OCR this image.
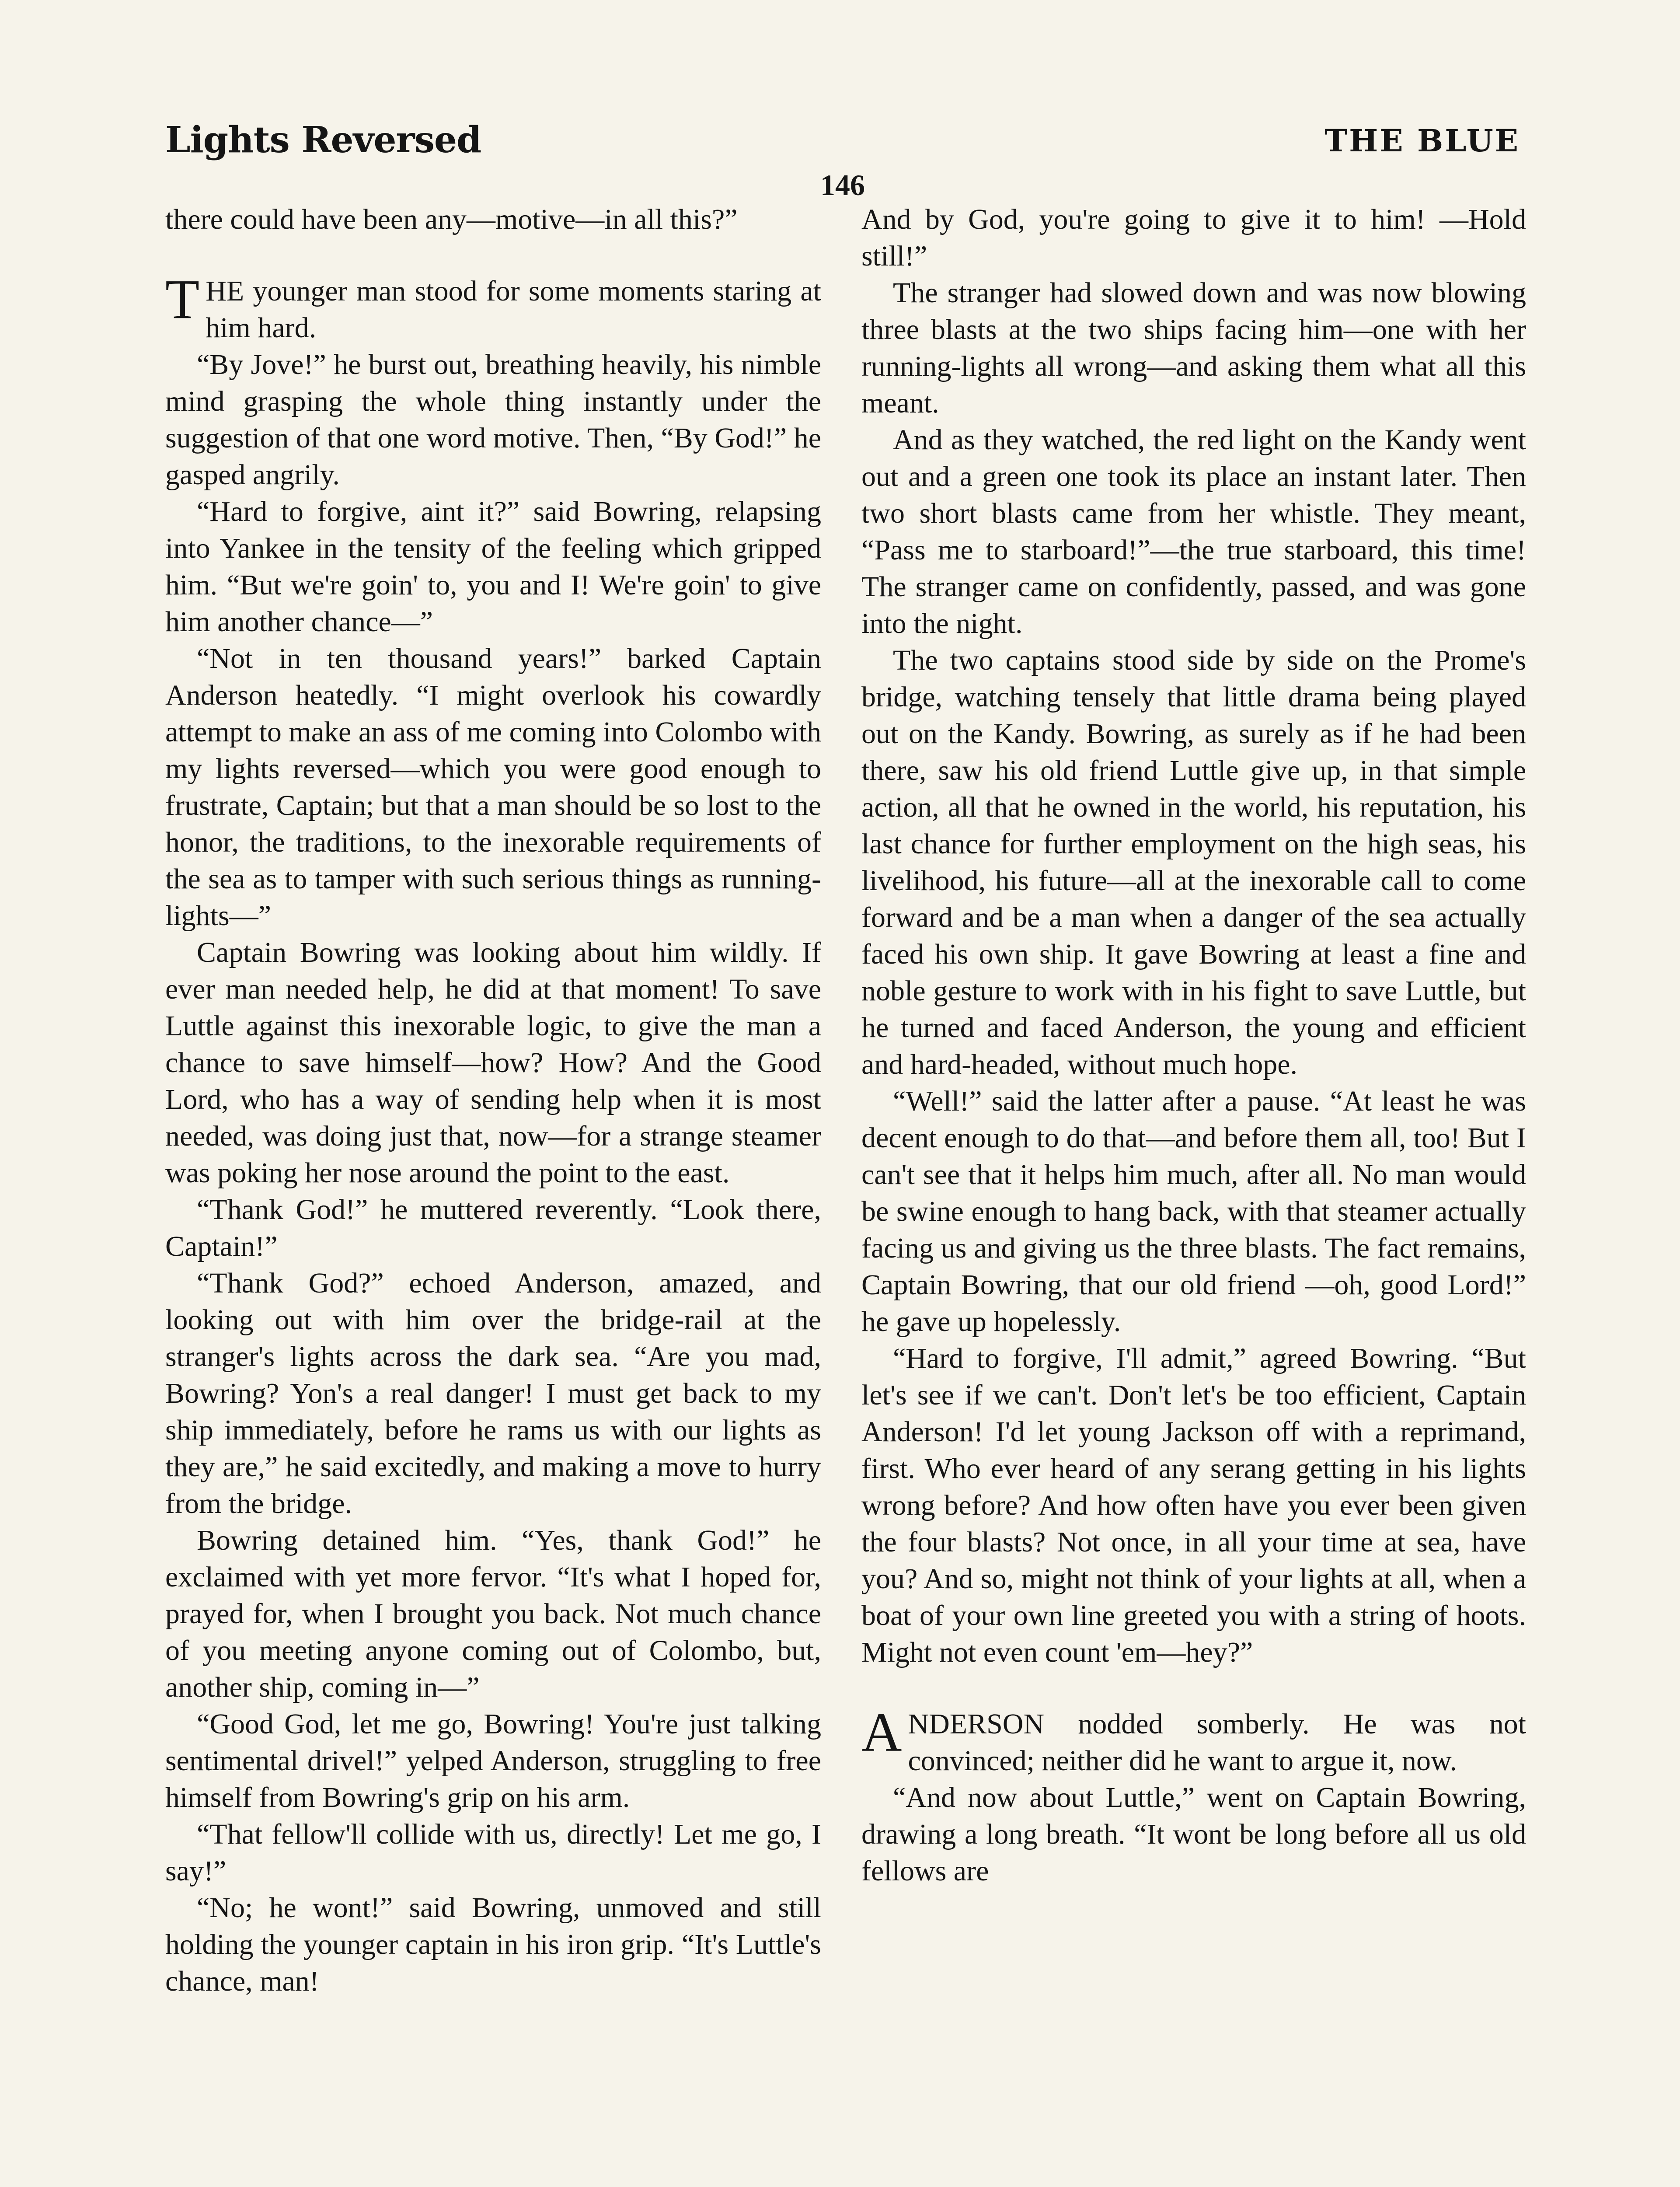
Lights Reversed
146
THE BLUE

there could have been any—motive—in all this?”

THE younger man stood for some moments staring at him hard.

“By Jove!” he burst out, breathing heavily, his nimble mind grasping the whole thing instantly under the suggestion of that one word motive. Then, “By God!” he gasped angrily.

“Hard to forgive, aint it?” said Bowring, relapsing into Yankee in the tensity of the feeling which gripped him. “But we're goin' to, you and I! We're goin' to give him another chance—”

“Not in ten thousand years!” barked Captain Anderson heatedly. “I might overlook his cowardly attempt to make an ass of me coming into Colombo with my lights reversed—which you were good enough to frustrate, Captain; but that a man should be so lost to the honor, the traditions, to the inexorable requirements of the sea as to tamper with such serious things as running-lights—”

Captain Bowring was looking about him wildly. If ever man needed help, he did at that moment! To save Luttle against this inexorable logic, to give the man a chance to save himself—how? How? And the Good Lord, who has a way of sending help when it is most needed, was doing just that, now—for a strange steamer was poking her nose around the point to the east.

“Thank God!” he muttered reverently. “Look there, Captain!”

“Thank God?” echoed Anderson, amazed, and looking out with him over the bridge-rail at the stranger's lights across the dark sea. “Are you mad, Bowring? Yon's a real danger! I must get back to my ship immediately, before he rams us with our lights as they are,” he said excitedly, and making a move to hurry from the bridge.

Bowring detained him. “Yes, thank God!” he exclaimed with yet more fervor. “It's what I hoped for, prayed for, when I brought you back. Not much chance of you meeting anyone coming out of Colombo, but, another ship, coming in—”

“Good God, let me go, Bowring! You're just talking sentimental drivel!” yelped Anderson, struggling to free himself from Bowring's grip on his arm.

“That fellow'll collide with us, directly! Let me go, I say!”

“No; he wont!” said Bowring, unmoved and still holding the younger captain in his iron grip. “It's Luttle's chance, man!

And by God, you're going to give it to him! —Hold still!”

The stranger had slowed down and was now blowing three blasts at the two ships facing him—one with her running-lights all wrong—and asking them what all this meant.

And as they watched, the red light on the Kandy went out and a green one took its place an instant later. Then two short blasts came from her whistle. They meant, “Pass me to starboard!”—the true starboard, this time! The stranger came on confidently, passed, and was gone into the night.

The two captains stood side by side on the Prome's bridge, watching tensely that little drama being played out on the Kandy. Bowring, as surely as if he had been there, saw his old friend Luttle give up, in that simple action, all that he owned in the world, his reputation, his last chance for further employment on the high seas, his livelihood, his future—all at the inexorable call to come forward and be a man when a danger of the sea actually faced his own ship. It gave Bowring at least a fine and noble gesture to work with in his fight to save Luttle, but he turned and faced Anderson, the young and efficient and hard-headed, without much hope.

“Well!” said the latter after a pause. “At least he was decent enough to do that—and before them all, too! But I can't see that it helps him much, after all. No man would be swine enough to hang back, with that steamer actually facing us and giving us the three blasts. The fact remains, Captain Bowring, that our old friend —oh, good Lord!” he gave up hopelessly.

“Hard to forgive, I'll admit,” agreed Bowring. “But let's see if we can't. Don't let's be too efficient, Captain Anderson! I'd let young Jackson off with a reprimand, first. Who ever heard of any serang getting in his lights wrong before? And how often have you ever been given the four blasts? Not once, in all your time at sea, have you? And so, might not think of your lights at all, when a boat of your own line greeted you with a string of hoots. Might not even count 'em—hey?”

ANDERSON nodded somberly. He was not convinced; neither did he want to argue it, now.

“And now about Luttle,” went on Captain Bowring, drawing a long breath. “It wont be long before all us old fellows are
